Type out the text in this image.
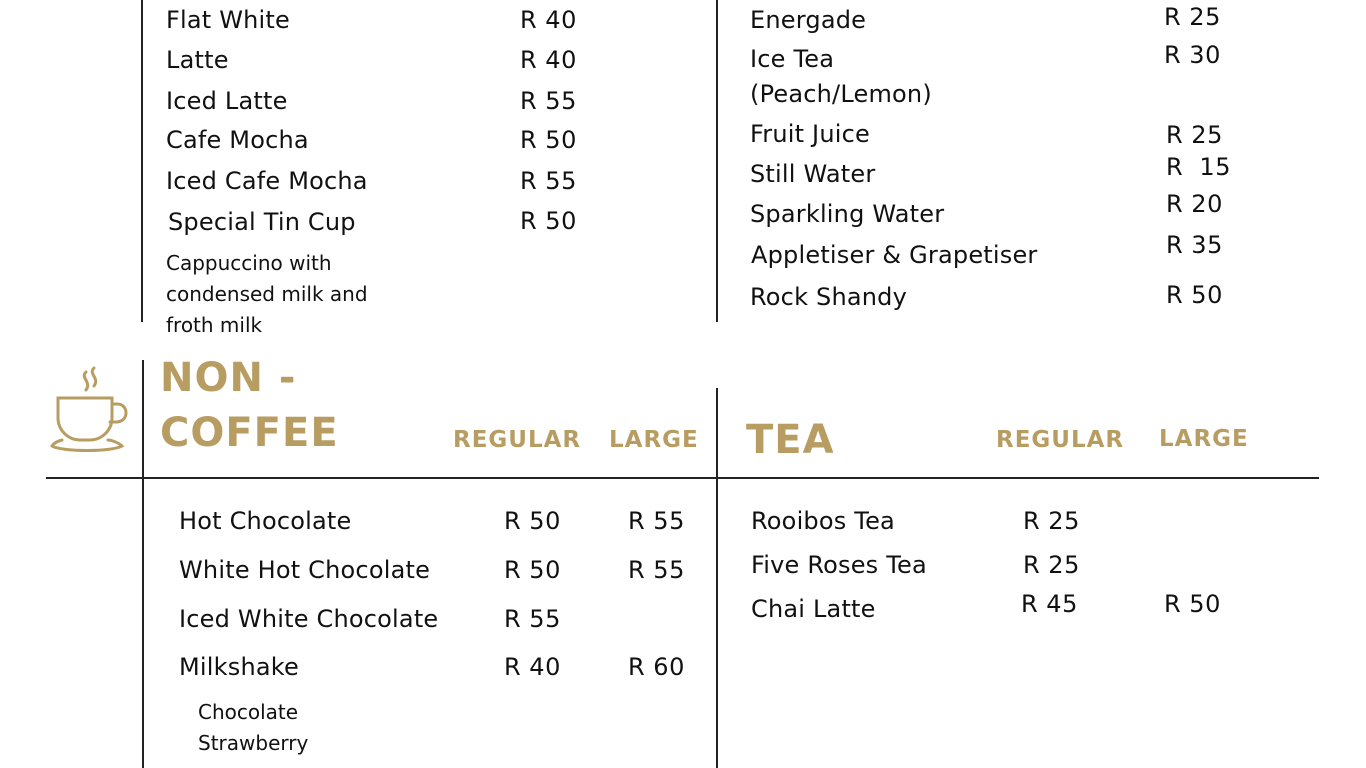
Flat White	R 40
Latte	R 40
Iced Latte	R 55
Cafe Mocha	R 50
Iced Cafe Mocha	R 55
Special Tin Cup	R 50
Cappuccino with
condensed milk and
froth milk
Energade	R 25
Ice Tea
(Peach/Lemon)
R 30
Fruit Juice	R 25
Still Water	R  15
Sparkling Water	R 20
Appletiser & Grapetiser	R 35
Rock Shandy	R 50
NON -
COFFEE	REGULAR LARGE
Hot Chocolate	R 50	R 55
White Hot Chocolate	R 50	R 55
Iced White Chocolate	R 55
Milkshake	R 40	R 60
Chocolate
Strawberry
TEA	REGULAR LARGE
Rooibos Tea	R 25
Five Roses Tea	R 25
Chai Latte	R 45	R 50
